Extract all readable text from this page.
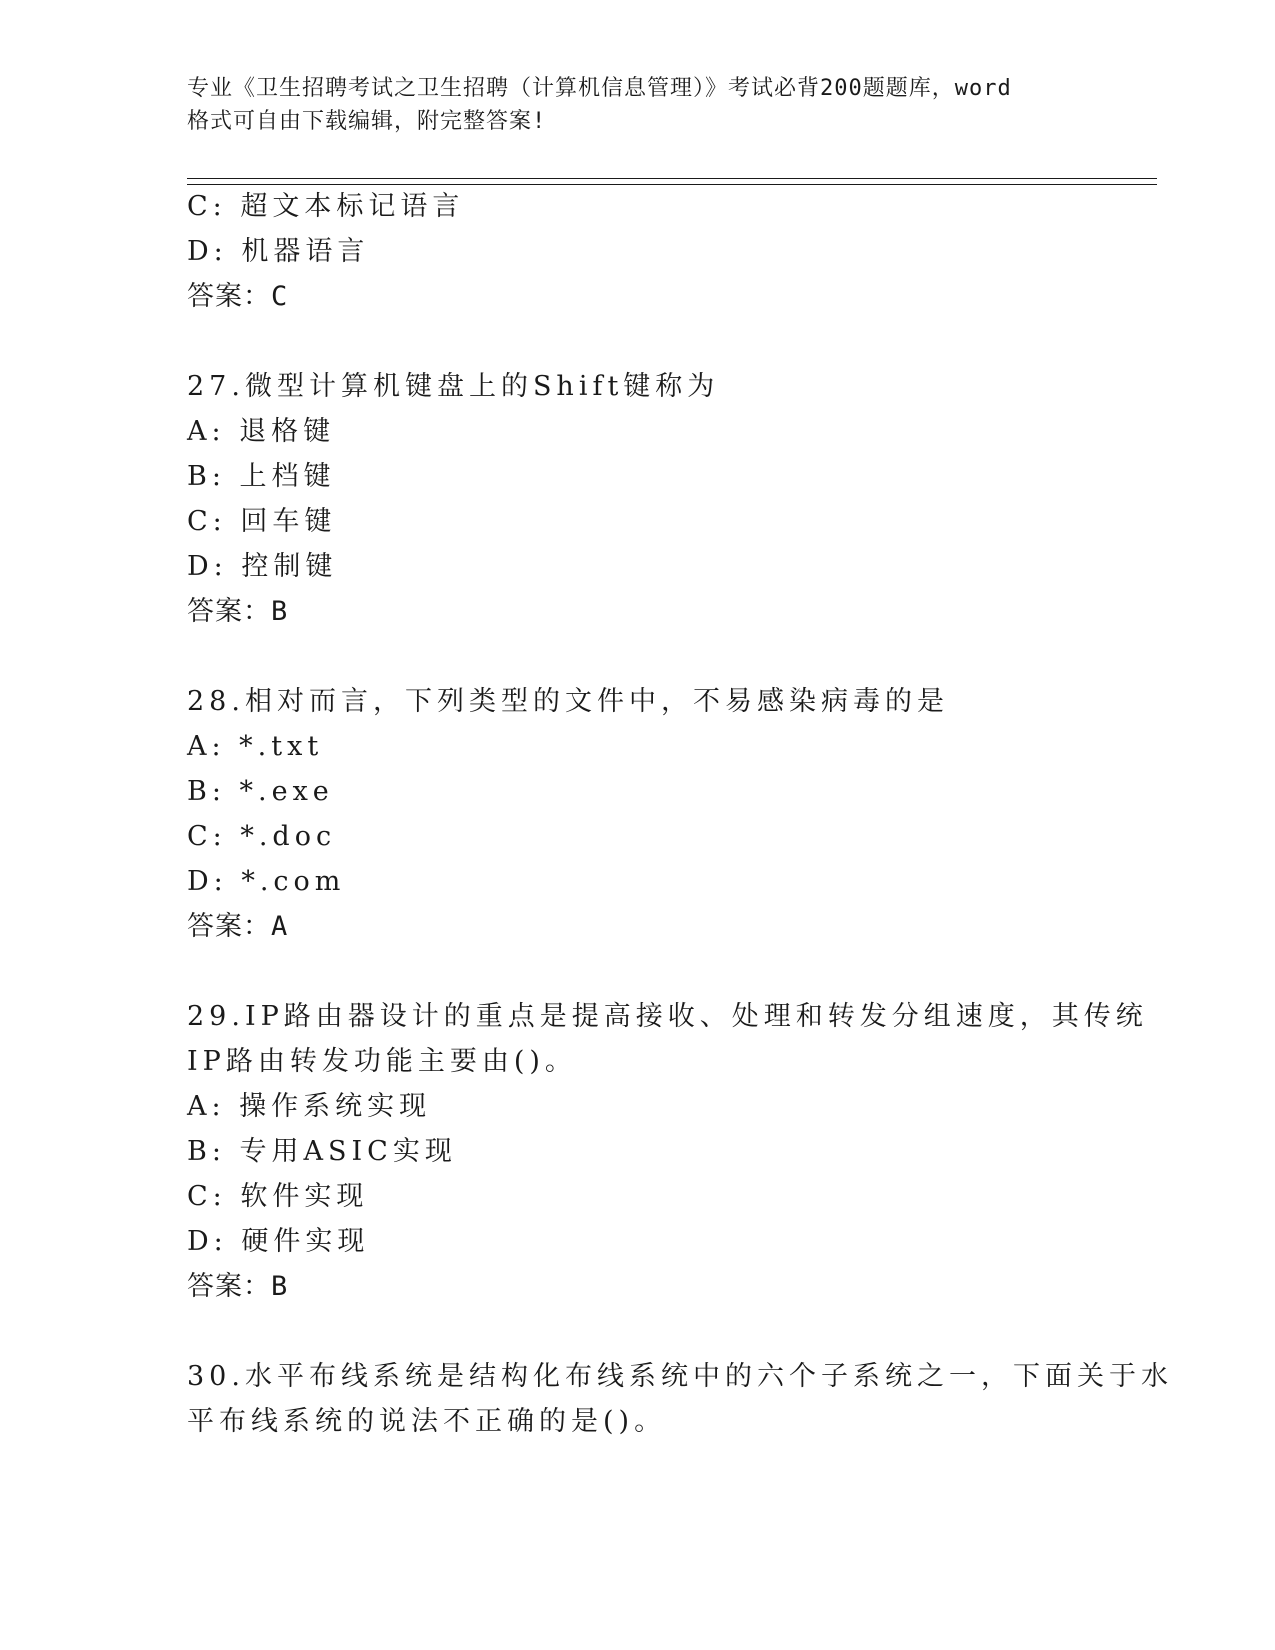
专业《卫生招聘考试之卫生招聘（计算机信息管理）》考试必背200题题库，word
格式可自由下载编辑，附完整答案!
C: 超文本标记语言
D: 机器语言
答案：C
27.微型计算机键盘上的Shift键称为
A: 退格键
B: 上档键
C: 回车键
D: 控制键
答案：B
28.相对而言，下列类型的文件中，不易感染病毒的是
A: *.txt
B: *.exe
C: *.doc
D: *.com
答案：A
29.IP路由器设计的重点是提高接收、处理和转发分组速度，其传统
IP路由转发功能主要由()。
A: 操作系统实现
B: 专用ASIC实现
C: 软件实现
D: 硬件实现
答案：B
30.水平布线系统是结构化布线系统中的六个子系统之一，下面关于水
平布线系统的说法不正确的是()。
